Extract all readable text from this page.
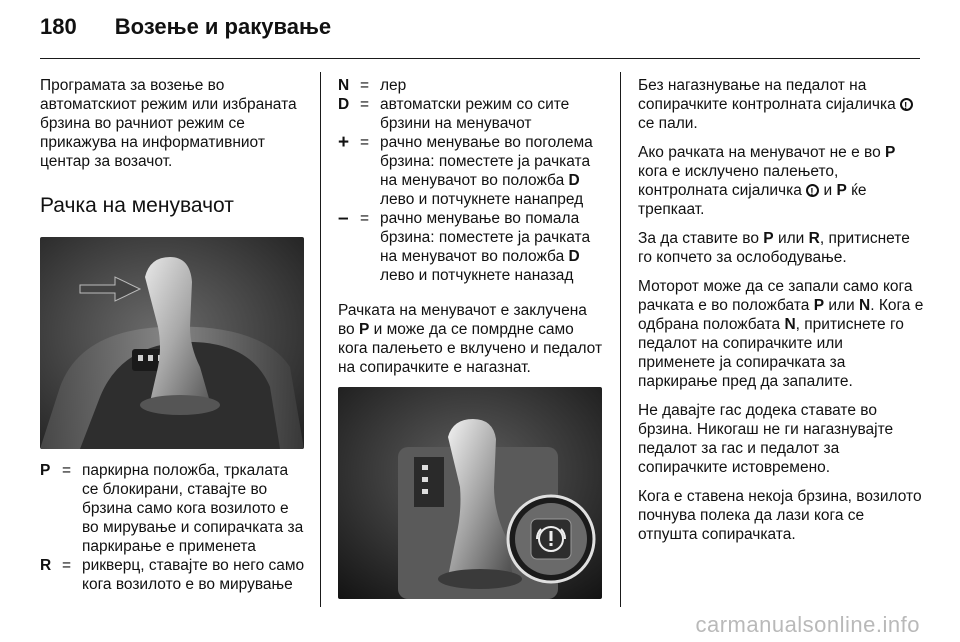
180 Возење и ракување

Програмата за возење во автоматскиот режим или избраната брзина во рачниот режим се прикажува на информативниот центар за возачот.

Рачка на менувачот
P = паркирна положба, тркалата се блокирани, ставајте во брзина само кога возилото е во мирување и сопирачката за паркирање е применета
R = рикверц, ставајте во него само кога возилото е во мирување
N = лер
D = автоматски режим со сите брзини на менувачот
+ = рачно менување во поголема брзина: поместете ја рачката на менувачот во положба D лево и потчукнете нанапред
– = рачно менување во помала брзина: поместете ја рачката на менувачот во положба D лево и потчукнете наназад

Рачката на менувачот е заклучена во P и може да се помрдне само кога палењето е вклучено и педалот на сопирачките е нагазнат.

Без нагазнување на педалот на сопирачките контролната сијаличка ! се пали.

Ако рачката на менувачот не е во P кога е исклучено палењето, контролната сијаличка ! и P ќе трепкаат.

За да ставите во P или R, притиснете го копчето за ослободување.

Моторот може да се запали само кога рачката е во положбата P или N. Кога е одбрана положбата N, притиснете го педалот на сопирачките или применете ја сопирачката за паркирање пред да запалите.

Не давајте гас додека ставате во брзина. Никогаш не ги нагазнувајте педалот за гас и педалот за сопирачките истовремено.

Кога е ставена некоја брзина, возилото почнува полека да лази кога се отпушта сопирачката.

carmanualsonline.info
